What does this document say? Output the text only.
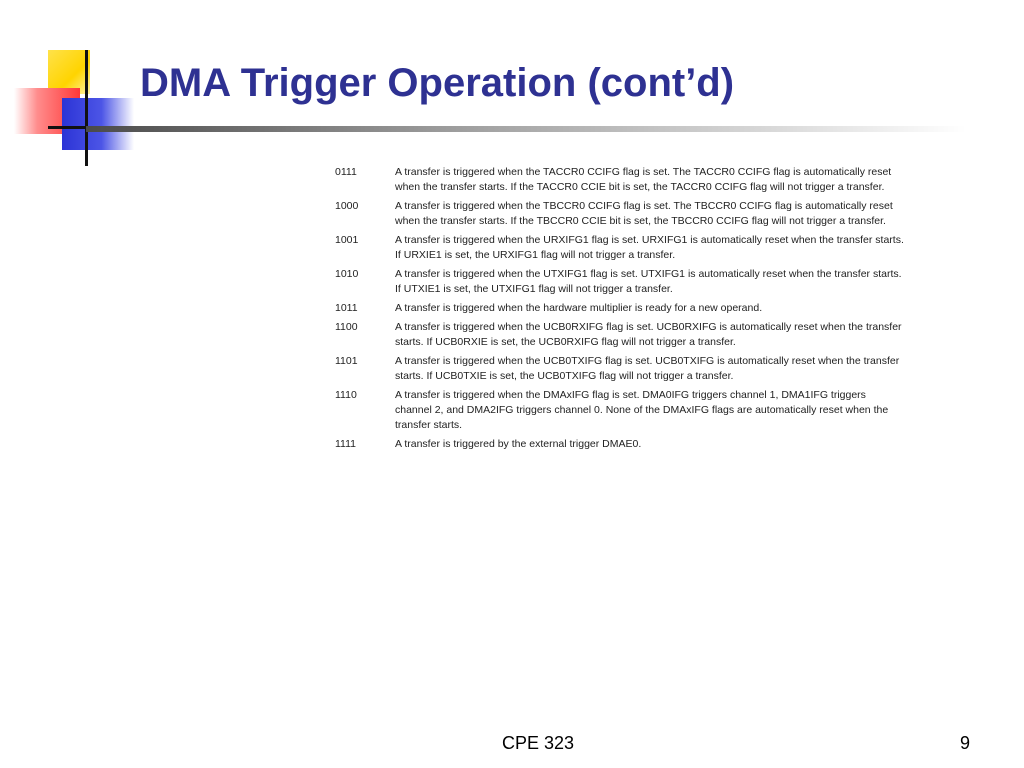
DMA Trigger Operation (cont’d)
0111	A transfer is triggered when the TACCR0 CCIFG flag is set. The TACCR0 CCIFG flag is automatically reset when the transfer starts. If the TACCR0 CCIE bit is set, the TACCR0 CCIFG flag will not trigger a transfer.
1000	A transfer is triggered when the TBCCR0 CCIFG flag is set. The TBCCR0 CCIFG flag is automatically reset when the transfer starts. If the TBCCR0 CCIE bit is set, the TBCCR0 CCIFG flag will not trigger a transfer.
1001	A transfer is triggered when the URXIFG1 flag is set. URXIFG1 is automatically reset when the transfer starts. If URXIE1 is set, the URXIFG1 flag will not trigger a transfer.
1010	A transfer is triggered when the UTXIFG1 flag is set. UTXIFG1 is automatically reset when the transfer starts. If UTXIE1 is set, the UTXIFG1 flag will not trigger a transfer.
1011	A transfer is triggered when the hardware multiplier is ready for a new operand.
1100	A transfer is triggered when the UCB0RXIFG flag is set. UCB0RXIFG is automatically reset when the transfer starts. If UCB0RXIE is set, the UCB0RXIFG flag will not trigger a transfer.
1101	A transfer is triggered when the UCB0TXIFG flag is set. UCB0TXIFG is automatically reset when the transfer starts. If UCB0TXIE is set, the UCB0TXIFG flag will not trigger a transfer.
1110	A transfer is triggered when the DMAxIFG flag is set. DMA0IFG triggers channel 1, DMA1IFG triggers channel 2, and DMA2IFG triggers channel 0. None of the DMAxIFG flags are automatically reset when the transfer starts.
1111	A transfer is triggered by the external trigger DMAE0.
CPE 323	9
